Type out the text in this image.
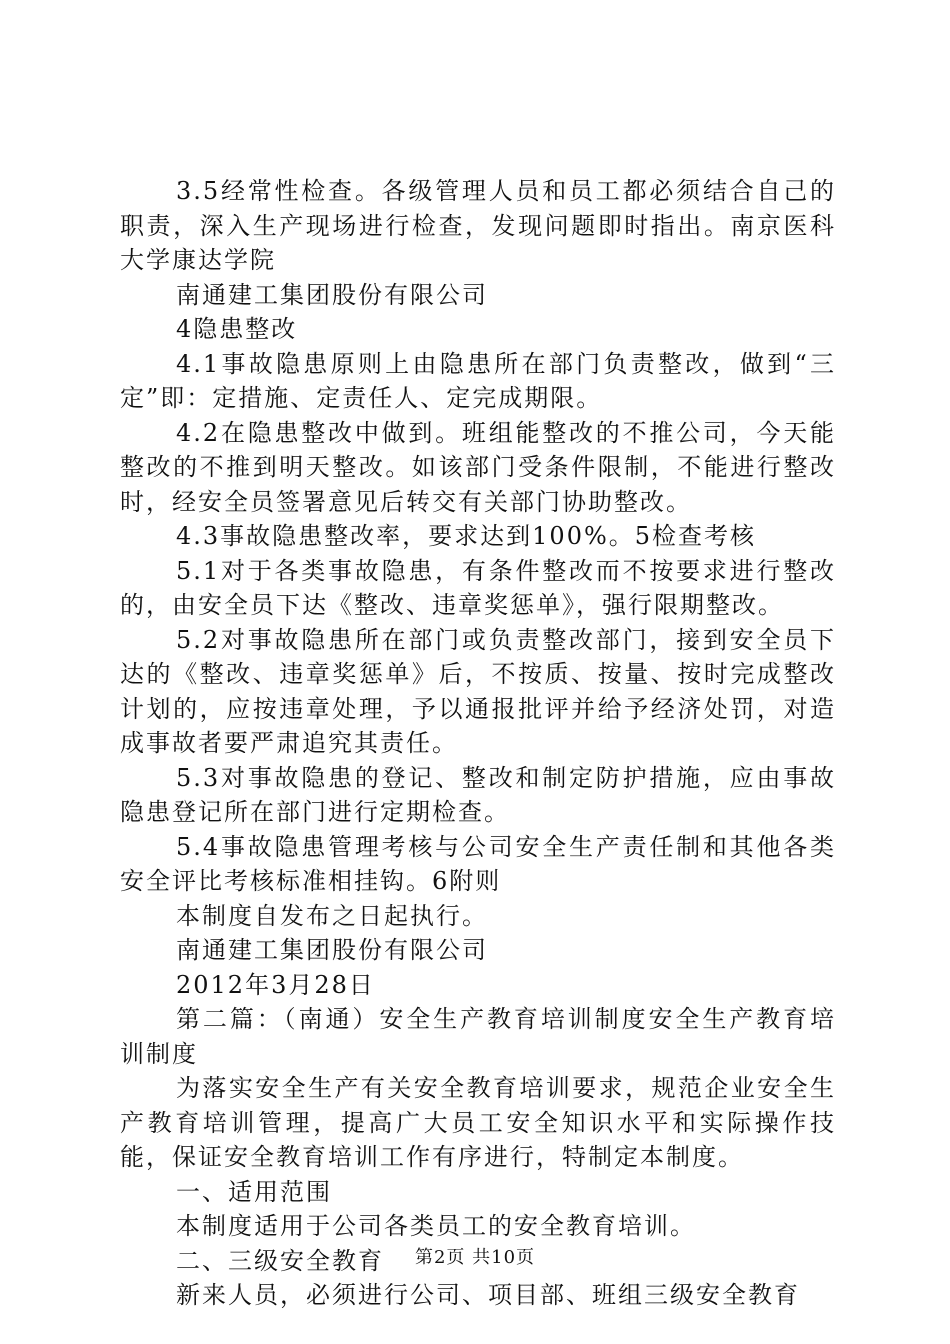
3.5经常性检查。各级管理人员和员工都必须结合自己的职责，深入生产现场进行检查，发现问题即时指出。南京医科大学康达学院

南通建工集团股份有限公司

4隐患整改

4.1事故隐患原则上由隐患所在部门负责整改，做到“三定”即：定措施、定责任人、定完成期限。

4.2在隐患整改中做到。班组能整改的不推公司，今天能整改的不推到明天整改。如该部门受条件限制，不能进行整改时，经安全员签署意见后转交有关部门协助整改。

4.3事故隐患整改率，要求达到100%。5检查考核

5.1对于各类事故隐患，有条件整改而不按要求进行整改的，由安全员下达《整改、违章奖惩单》，强行限期整改。

5.2对事故隐患所在部门或负责整改部门，接到安全员下达的《整改、违章奖惩单》后，不按质、按量、按时完成整改计划的，应按违章处理，予以通报批评并给予经济处罚，对造成事故者要严肃追究其责任。

5.3对事故隐患的登记、整改和制定防护措施，应由事故隐患登记所在部门进行定期检查。

5.4事故隐患管理考核与公司安全生产责任制和其他各类安全评比考核标准相挂钩。6附则

本制度自发布之日起执行。

南通建工集团股份有限公司

2012年3月28日

第二篇：（南通）安全生产教育培训制度安全生产教育培训制度

为落实安全生产有关安全教育培训要求，规范企业安全生产教育培训管理，提高广大员工安全知识水平和实际操作技能，保证安全教育培训工作有序进行，特制定本制度。

一、适用范围

本制度适用于公司各类员工的安全教育培训。

二、三级安全教育

新来人员，必须进行公司、项目部、班组三级安全教育

第2页 共10页
